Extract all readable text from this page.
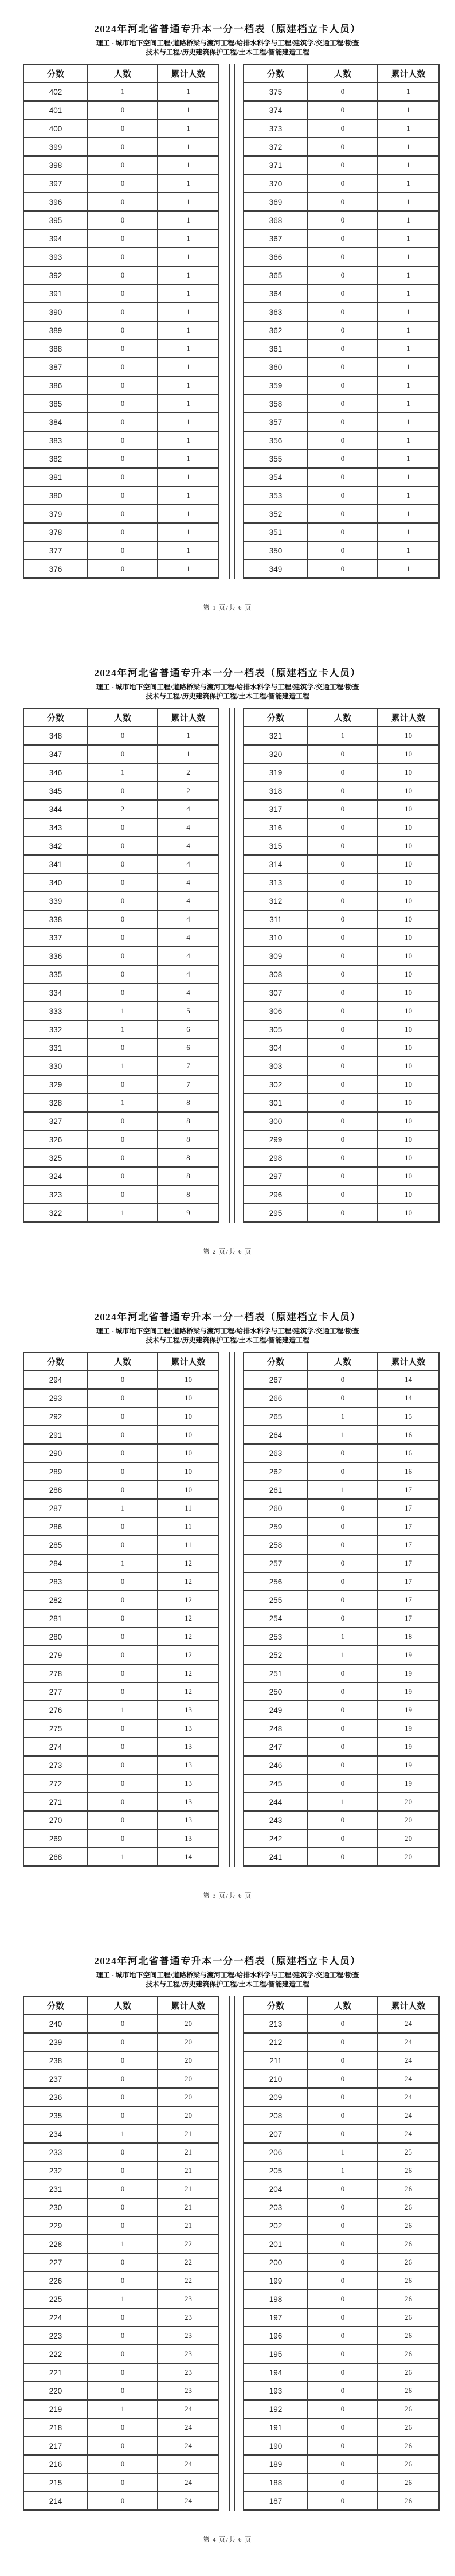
2024年河北省普通专升本一分一档表（原建档立卡人员）
理工 - 城市地下空间工程/道路桥梁与渡河工程/给排水科学与工程/建筑学/交通工程/勘查
技术与工程/历史建筑保护工程/土木工程/智能建造工程
分数	人数	累计人数
402	1	1
401	0	1
400	0	1
399	0	1
398	0	1
397	0	1
396	0	1
395	0	1
394	0	1
393	0	1
392	0	1
391	0	1
390	0	1
389	0	1
388	0	1
387	0	1
386	0	1
385	0	1
384	0	1
383	0	1
382	0	1
381	0	1
380	0	1
379	0	1
378	0	1
377	0	1
376	0	1
分数	人数	累计人数
375	0	1
374	0	1
373	0	1
372	0	1
371	0	1
370	0	1
369	0	1
368	0	1
367	0	1
366	0	1
365	0	1
364	0	1
363	0	1
362	0	1
361	0	1
360	0	1
359	0	1
358	0	1
357	0	1
356	0	1
355	0	1
354	0	1
353	0	1
352	0	1
351	0	1
350	0	1
349	0	1
第 1 页/共 6 页
2024年河北省普通专升本一分一档表（原建档立卡人员）
理工 - 城市地下空间工程/道路桥梁与渡河工程/给排水科学与工程/建筑学/交通工程/勘查
技术与工程/历史建筑保护工程/土木工程/智能建造工程
分数	人数	累计人数
348	0	1
347	0	1
346	1	2
345	0	2
344	2	4
343	0	4
342	0	4
341	0	4
340	0	4
339	0	4
338	0	4
337	0	4
336	0	4
335	0	4
334	0	4
333	1	5
332	1	6
331	0	6
330	1	7
329	0	7
328	1	8
327	0	8
326	0	8
325	0	8
324	0	8
323	0	8
322	1	9
分数	人数	累计人数
321	1	10
320	0	10
319	0	10
318	0	10
317	0	10
316	0	10
315	0	10
314	0	10
313	0	10
312	0	10
311	0	10
310	0	10
309	0	10
308	0	10
307	0	10
306	0	10
305	0	10
304	0	10
303	0	10
302	0	10
301	0	10
300	0	10
299	0	10
298	0	10
297	0	10
296	0	10
295	0	10
第 2 页/共 6 页
2024年河北省普通专升本一分一档表（原建档立卡人员）
理工 - 城市地下空间工程/道路桥梁与渡河工程/给排水科学与工程/建筑学/交通工程/勘查
技术与工程/历史建筑保护工程/土木工程/智能建造工程
分数	人数	累计人数
294	0	10
293	0	10
292	0	10
291	0	10
290	0	10
289	0	10
288	0	10
287	1	11
286	0	11
285	0	11
284	1	12
283	0	12
282	0	12
281	0	12
280	0	12
279	0	12
278	0	12
277	0	12
276	1	13
275	0	13
274	0	13
273	0	13
272	0	13
271	0	13
270	0	13
269	0	13
268	1	14
分数	人数	累计人数
267	0	14
266	0	14
265	1	15
264	1	16
263	0	16
262	0	16
261	1	17
260	0	17
259	0	17
258	0	17
257	0	17
256	0	17
255	0	17
254	0	17
253	1	18
252	1	19
251	0	19
250	0	19
249	0	19
248	0	19
247	0	19
246	0	19
245	0	19
244	1	20
243	0	20
242	0	20
241	0	20
第 3 页/共 6 页
2024年河北省普通专升本一分一档表（原建档立卡人员）
理工 - 城市地下空间工程/道路桥梁与渡河工程/给排水科学与工程/建筑学/交通工程/勘查
技术与工程/历史建筑保护工程/土木工程/智能建造工程
分数	人数	累计人数
240	0	20
239	0	20
238	0	20
237	0	20
236	0	20
235	0	20
234	1	21
233	0	21
232	0	21
231	0	21
230	0	21
229	0	21
228	1	22
227	0	22
226	0	22
225	1	23
224	0	23
223	0	23
222	0	23
221	0	23
220	0	23
219	1	24
218	0	24
217	0	24
216	0	24
215	0	24
214	0	24
分数	人数	累计人数
213	0	24
212	0	24
211	0	24
210	0	24
209	0	24
208	0	24
207	0	24
206	1	25
205	1	26
204	0	26
203	0	26
202	0	26
201	0	26
200	0	26
199	0	26
198	0	26
197	0	26
196	0	26
195	0	26
194	0	26
193	0	26
192	0	26
191	0	26
190	0	26
189	0	26
188	0	26
187	0	26
第 4 页/共 6 页
